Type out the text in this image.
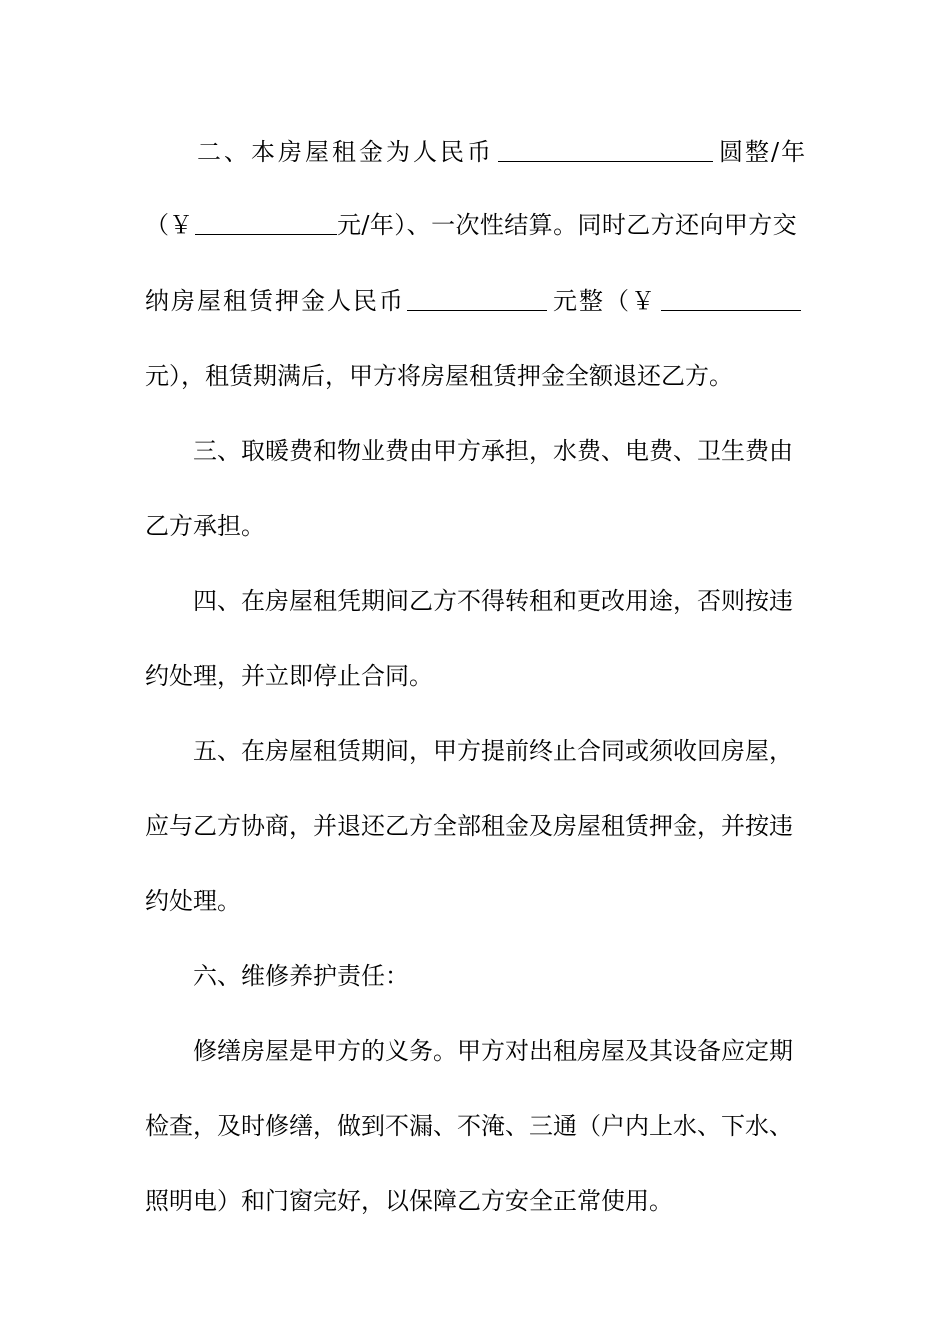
二、本房屋租金为人民币	圆整/年
（￥	元/年）、一次性结算。同时乙方还向甲方交
纳房屋租赁押金人民币	元整（￥
元），租赁期满后，甲方将房屋租赁押金全额退还乙方。
三、取暖费和物业费由甲方承担，水费、电费、卫生费由
乙方承担。
四、在房屋租凭期间乙方不得转租和更改用途，否则按违
约处理，并立即停止合同。
五、在房屋租赁期间，甲方提前终止合同或须收回房屋，
应与乙方协商，并退还乙方全部租金及房屋租赁押金，并按违
约处理。
六、维修养护责任：
修缮房屋是甲方的义务。甲方对出租房屋及其设备应定期
检查，及时修缮，做到不漏、不淹、三通（户内上水、下水、
照明电）和门窗完好，以保障乙方安全正常使用。
